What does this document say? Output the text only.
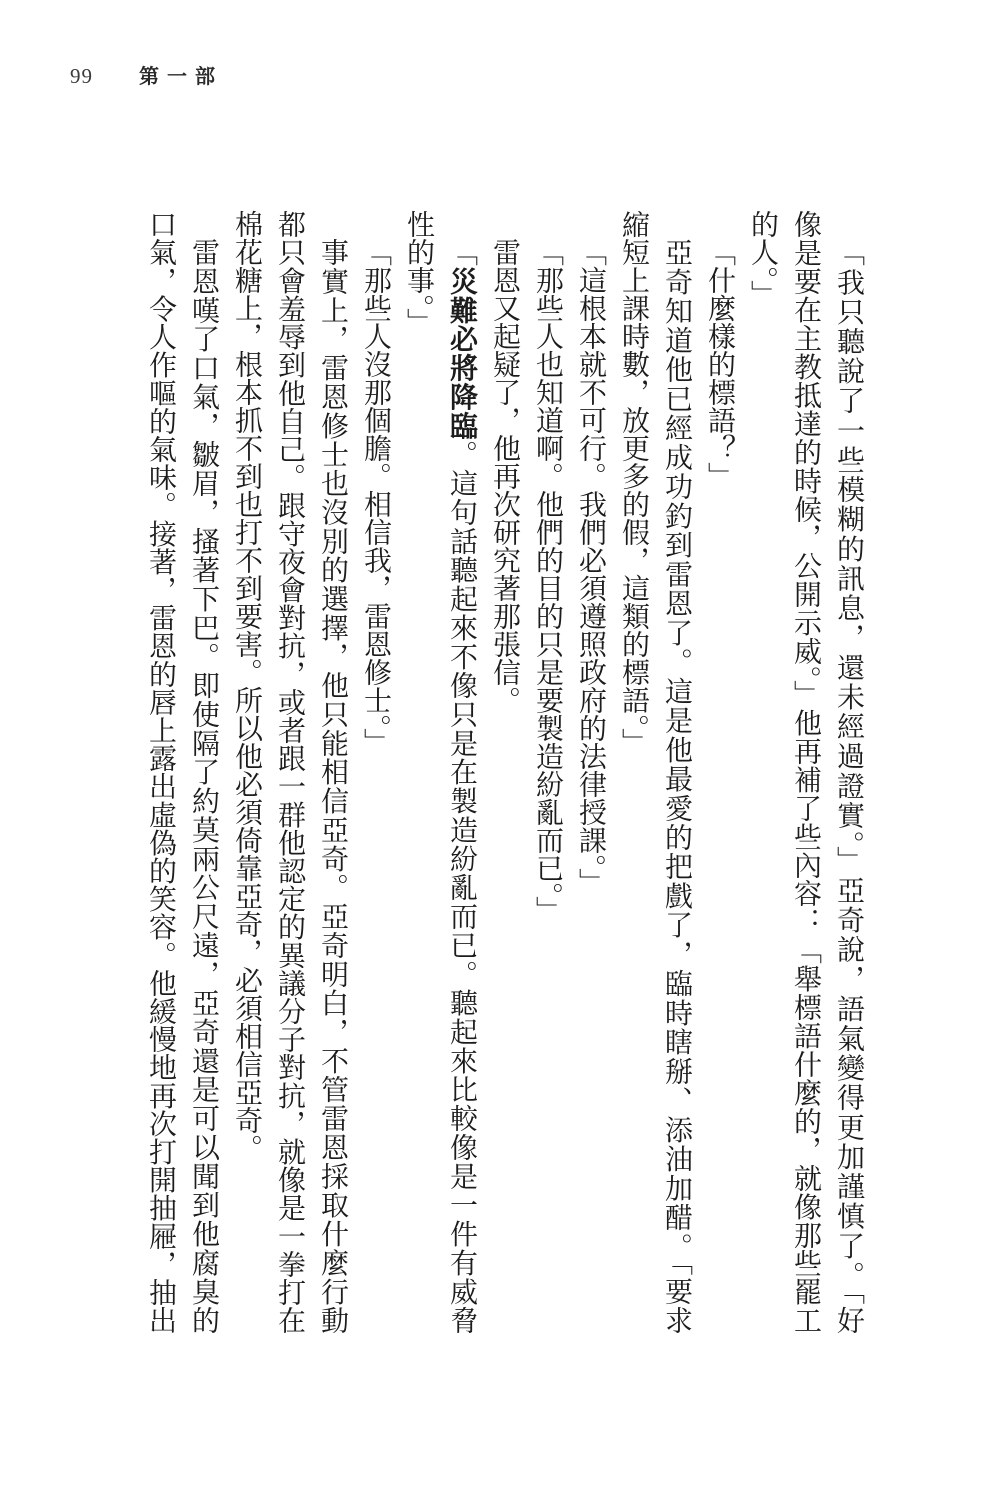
99 第一部
「我只聽說了一些模糊的訊息，還未經過證實。」亞奇說，語氣變得更加謹慎了。「好
像是要在主教抵達的時候，公開示威。」他再補了些內容：「舉標語什麼的，就像那些罷工
的人。」
「什麼樣的標語？」
亞奇知道他已經成功釣到雷恩了。這是他最愛的把戲了，臨時瞎掰、添油加醋。「要求
縮短上課時數，放更多的假，這類的標語。」
「這根本就不可行。我們必須遵照政府的法律授課。」
「那些人也知道啊。他們的目的只是要製造紛亂而已。」
雷恩又起疑了，他再次研究著那張信。
「災難必將降臨。這句話聽起來不像只是在製造紛亂而已。聽起來比較像是一件有威脅
性的事。」
「那些人沒那個膽。相信我，雷恩修士。」
事實上，雷恩修士也沒別的選擇，他只能相信亞奇。亞奇明白，不管雷恩採取什麼行動
都只會羞辱到他自己。跟守夜會對抗，或者跟一群他認定的異議分子對抗，就像是一拳打在
棉花糖上，根本抓不到也打不到要害。所以他必須倚靠亞奇，必須相信亞奇。
雷恩嘆了口氣，皺眉，搔著下巴。即使隔了約莫兩公尺遠，亞奇還是可以聞到他腐臭的
口氣，令人作嘔的氣味。接著，雷恩的唇上露出虛偽的笑容。他緩慢地再次打開抽屜，抽出
